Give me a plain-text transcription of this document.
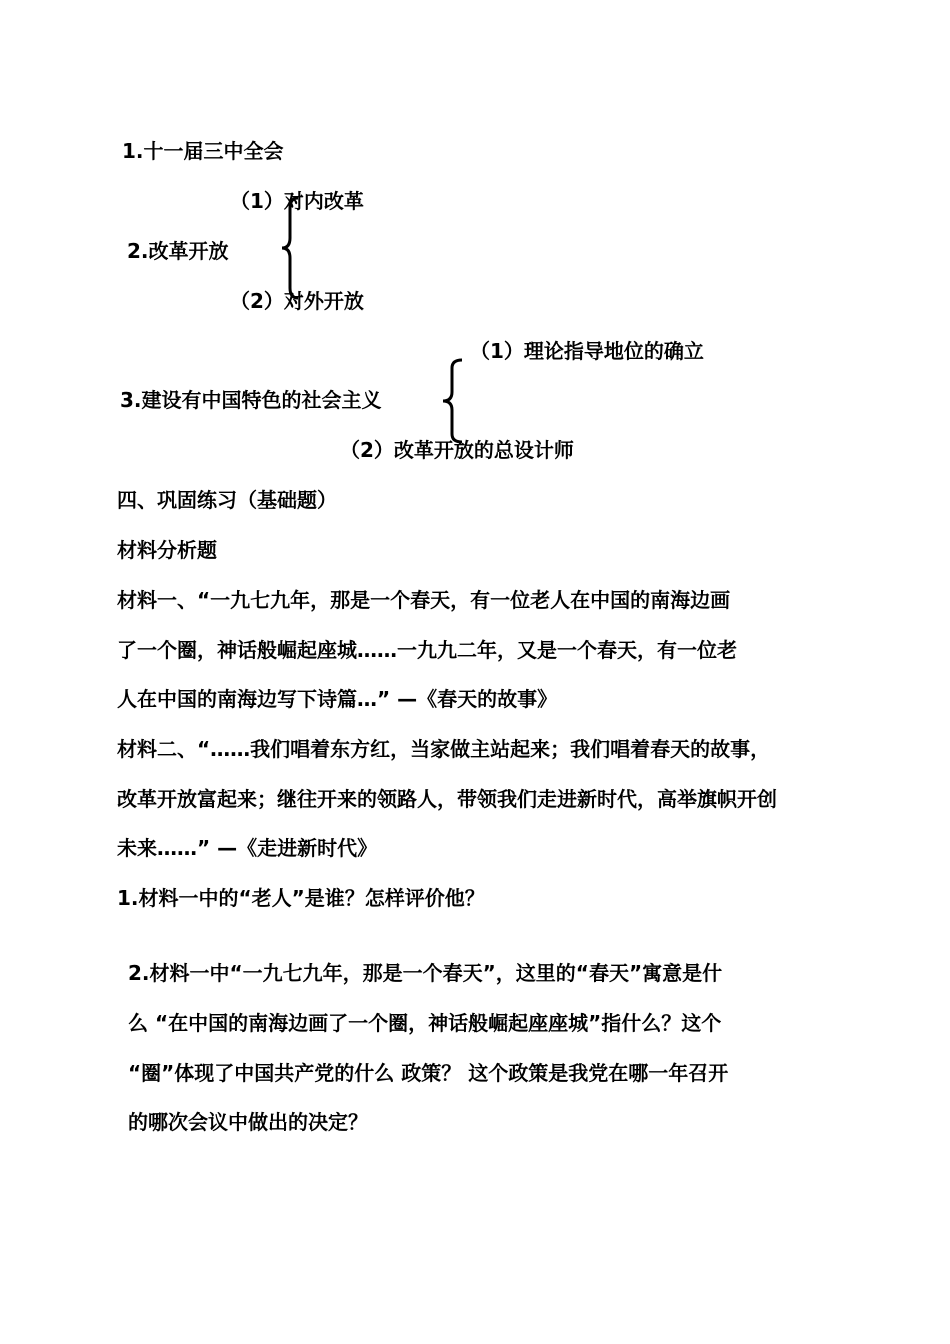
1.十一届三中全会
（1）对内改革
2.改革开放
（2）对外开放
（1）理论指导地位的确立
3.建设有中国特色的社会主义
（2）改革开放的总设计师
四、巩固练习（基础题）
材料分析题
材料一、“一九七九年，那是一个春天，有一位老人在中国的南海边画
了一个圈，神话般崛起座城……一九九二年，又是一个春天，有一位老
人在中国的南海边写下诗篇…” —《春天的故事》
材料二、“……我们唱着东方红，当家做主站起来；我们唱着春天的故事，
改革开放富起来；继往开来的领路人，带领我们走进新时代，高举旗帜开创
未来……” —《走进新时代》
1.材料一中的“老人”是谁？怎样评价他？
2.材料一中“一九七九年，那是一个春天”，这里的“春天”寓意是什
么 “在中国的南海边画了一个圈，神话般崛起座座城”指什么？这个
“圈”体现了中国共产党的什么 政策？ 这个政策是我党在哪一年召开
的哪次会议中做出的决定？
